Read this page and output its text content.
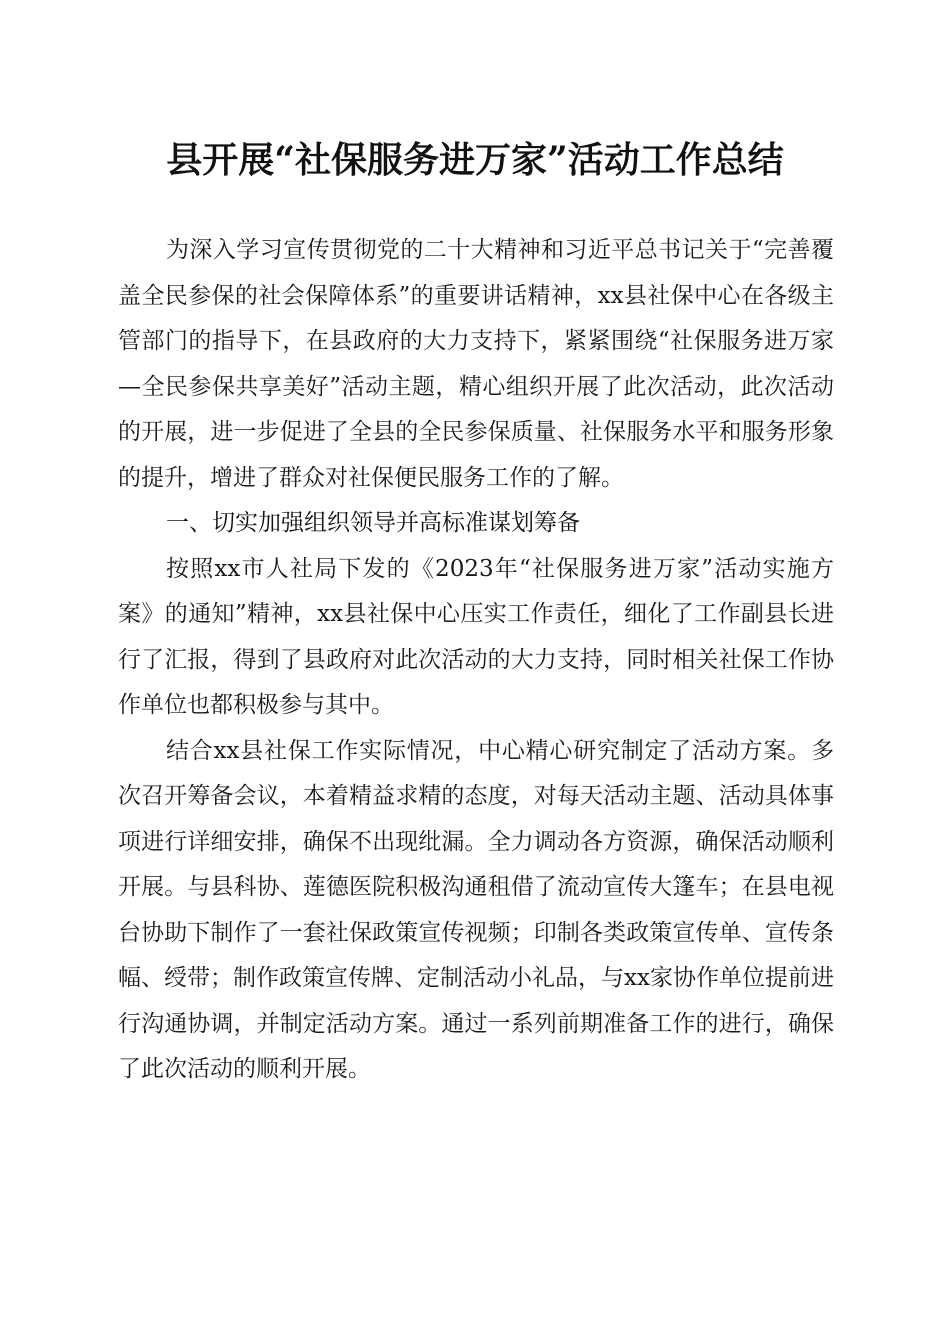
县开展“社保服务进万家”活动工作总结

为深入学习宣传贯彻党的二十大精神和习近平总书记关于“完善覆盖全民参保的社会保障体系”的重要讲话精神，xx县社保中心在各级主管部门的指导下，在县政府的大力支持下，紧紧围绕“社保服务进万家—全民参保共享美好”活动主题，精心组织开展了此次活动，此次活动的开展，进一步促进了全县的全民参保质量、社保服务水平和服务形象的提升，增进了群众对社保便民服务工作的了解。

一、切实加强组织领导并高标准谋划筹备

按照xx市人社局下发的《2023年“社保服务进万家”活动实施方案》的通知”精神，xx县社保中心压实工作责任，细化了工作副县长进行了汇报，得到了县政府对此次活动的大力支持，同时相关社保工作协作单位也都积极参与其中。

结合xx县社保工作实际情况，中心精心研究制定了活动方案。多次召开筹备会议，本着精益求精的态度，对每天活动主题、活动具体事项进行详细安排，确保不出现纰漏。全力调动各方资源，确保活动顺利开展。与县科协、莲德医院积极沟通租借了流动宣传大篷车；在县电视台协助下制作了一套社保政策宣传视频；印制各类政策宣传单、宣传条幅、绶带；制作政策宣传牌、定制活动小礼品，与xx家协作单位提前进行沟通协调，并制定活动方案。通过一系列前期准备工作的进行，确保了此次活动的顺利开展。
